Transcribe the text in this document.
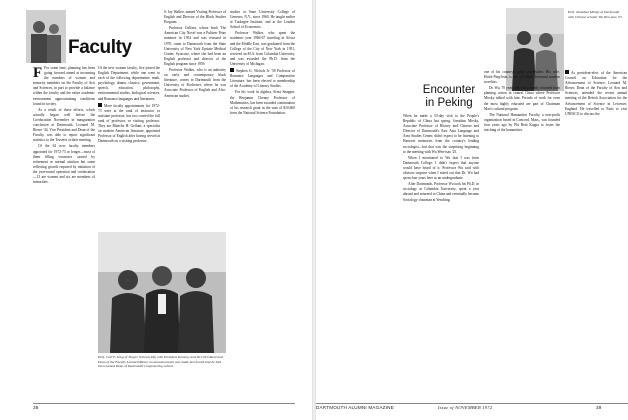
Faculty

F For some time, planning has been going forward aimed at increasing the numbers of women and minority members on the Faculty of Arts and Sciences, in part to provide a balance within the faculty and the entire academic environment approximating conditions found in society.

As a result of these efforts, which actually began well before the Coeducation November in inauguration conclusion at Dartmouth, Leonard M. Rieser '44, Vice President and Dean of the Faculty, was able to report significant statistics to the Trustees at their meeting.

Of the 62 new faculty members appointed for 1972-73 or longer—most of them filling vacancies caused by retirement or normal attrition but some reflecting growth required by initiation of the year-round operation and coeducation—15 are women and six are members of minorities.

Of the new women faculty, five joined the English Department, while one went to each of the following departments: math, psychology, drama, classics, government, speech, education, philosophy, environmental studies, biological sciences, and Romance languages and literatures.

More faculty appointments for 1972-73 were at the rank of instructor or assistant professor, but two carried the full rank of professor, or visiting professor. They are Blanche H. Gelfant, a specialist on modern American literature, appointed Professor of English after having served at Dartmouth on a visiting professor;

S. Jay Walker, named Visiting Professor of English and Director of the Black Studies Program.

Professor Gelfant, whose book The American City Novel was a Pulitzer Prize nominee in 1954 and was reissued in 1970, came to Dartmouth from the State University of New York Upstate Medical Center, Syracuse, where she had been an English professor and director of the English program since 1959.

Professor Walker, who is an authority on early and contemporary black literature, comes to Dartmouth from the University of Rochester, where he was Associate Professor of English and Afro-American studies.

studies at State University College of Geneseo, N.Y., since 1960. He taught earlier at Tuskegee Institute, and at the London School of Economics.

Professor Walker, who spent the academic year 1966-67 traveling in Africa and the Middle East, was graduated from the College of the City of New York in 1951, received an M.A. from Columbia University, and was awarded the Ph.D. from the University of Michigan.

Stephen G. Nichols Jr. '58 Professor of Romance Languages and Comparative Literature, has been elected to membership of the Academy of Literary Studies.

For his work in algebra, Ernst Snapper, the Benjamin Cheney Professor of Mathematics, has been awarded continuation of his research grant in the sum of $10,600 from the National Science Foundation.

Prof. Carl F. Long of Thayer School (left) with President Kemeny and Vice President and Dean of the Faculty Leonard Rieser on announcement was made last month that he had been named Dean of Dartmouth's engineering school.
38
Encounter
in Peking
Prof. Jonathan Mirsky of Dartmouth with Chinese scholar Wu Wen-tsao '25.

When he made a 53-day visit to the People's Republic of China last spring, Jonathan Mirsky, Associate Professor of History and Chinese and Director of Dartmouth's East Asia Language and Area Studies Center, didn't expect to be listening to Hanover memories from the country's leading sociologist—but that was the surprising beginning to the meeting with Wu Wen-tsao '25.

When I mentioned to Wu that I was from Dartmouth College, I didn't expect that anyone would have heard of it. Professor Wu said with obvious surprise when I noted out that Dr. Wu had spent four years here as an undergraduate.

After Dartmouth, Professor Wu took his Ph.D. in sociology at Columbia University, spent a year abroad and returned to China and eventually became Sociology chairman at Yenching.

one of his country's great universities. His wife, Hsieh Ping-hsin, is one of China's foremost modern novelists.

Dr. Wu, 70 years old, had recently returned from planting cotton in central China where Professor Mirsky talked with him. Periods of work for even the most highly educated are part of Chairman Mao's cultural program.

The National Humanities Faculty, a non-profit organization based in Concord, Mass., was founded four years ago by Phi Beta Kappa to foster the teaching of the humanities.

As president-elect of the American Council on Education for the Advancement of Science, Leonard M. Rieser, Dean of the Faculty of Arts and Sciences, attended the recent annual meeting of the British Association for the Advancement of Science in Leicester, England. He travelled to Paris to visit UNESCO to discuss the

DARTMOUTH ALUMNI MAGAZINE	Issue of NOVEMBER 1972	39
